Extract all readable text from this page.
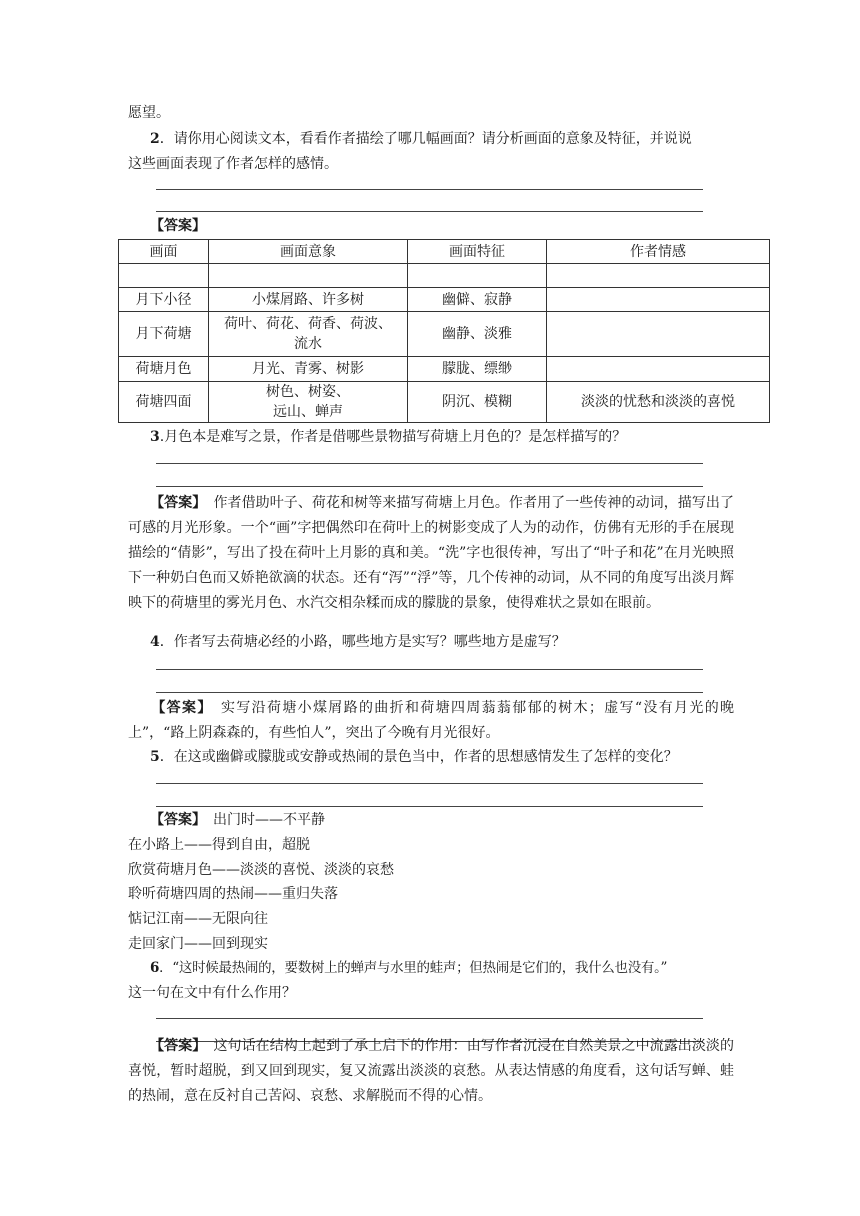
愿望。
2．请你用心阅读文本，看看作者描绘了哪几幅画面？请分析画面的意象及特征，并说说
这些画面表现了作者怎样的感情。
【答案】
画面	画面意象	画面特征	作者情感

月下小径	小煤屑路、许多树	幽僻、寂静	
月下荷塘	荷叶、荷花、荷香、荷波、
流水	幽静、淡雅	
荷塘月色	月光、青雾、树影	朦胧、缥缈	
荷塘四面	树色、树姿、
远山、蝉声	阴沉、模糊	淡淡的忧愁和淡淡的喜悦
3.月色本是难写之景，作者是借哪些景物描写荷塘上月色的？是怎样描写的？
【答案】　 作者借助叶子、荷花和树等来描写荷塘上月色。作者用了一些传神的动词，描写出了可感的月光形象。一个“画”字把偶然印在荷叶上的树影变成了人为的动作，仿佛有无形的手在展现描绘的“倩影”，写出了投在荷叶上月影的真和美。“洗”字也很传神，写出了“叶子和花”在月光映照下一种奶白色而又娇艳欲滴的状态。还有“泻”“浮”等，几个传神的动词，从不同的角度写出淡月辉映下的荷塘里的雾光月色、水汽交相杂糅而成的朦胧的景象，使得难状之景如在眼前。
4．作者写去荷塘必经的小路，哪些地方是实写？哪些地方是虚写？
【答案】　 实写沿荷塘小煤屑路的曲折和荷塘四周蓊蓊郁郁的树木；虚写“没有月光的晚上”，“路上阴森森的，有些怕人”，突出了今晚有月光很好。
5．在这或幽僻或朦胧或安静或热闹的景色当中，作者的思想感情发生了怎样的变化？
【答案】　 出门时——不平静
在小路上——得到自由，超脱
欣赏荷塘月色——淡淡的喜悦、淡淡的哀愁
聆听荷塘四周的热闹——重归失落
惦记江南——无限向往
走回家门——回到现实
6．“这时候最热闹的，要数树上的蝉声与水里的蛙声；但热闹是它们的，我什么也没有。”
这一句在文中有什么作用？
【答案】　 这句话在结构上起到了承上启下的作用：由写作者沉浸在自然美景之中流露出淡淡的喜悦，暂时超脱，到又回到现实，复又流露出淡淡的哀愁。从表达情感的角度看，这句话写蝉、蛙的热闹，意在反衬自己苦闷、哀愁、求解脱而不得的心情。
